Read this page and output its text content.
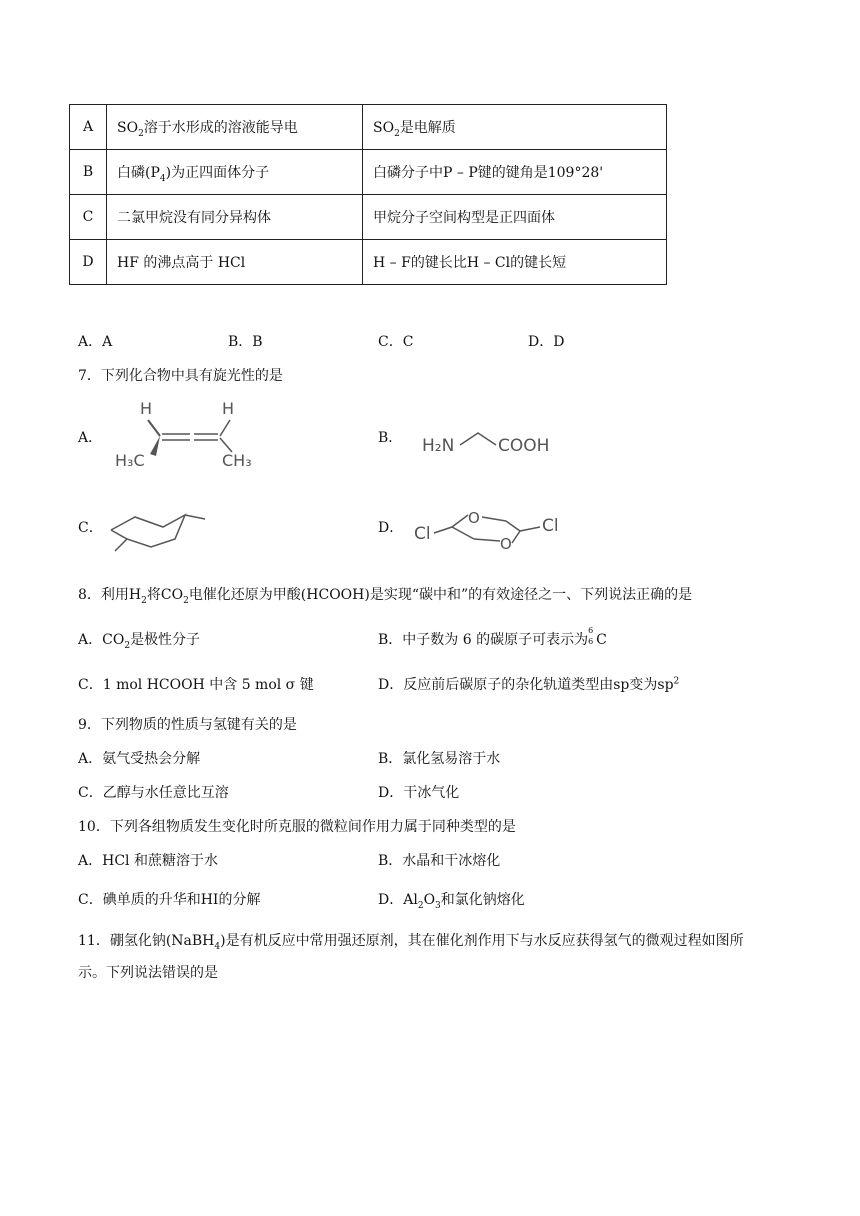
A	$SO_2$溶于水形成的溶液能导电	$SO_2$是电解质
B	白磷$(P_4)$为正四面体分子	白磷分子中P – P键的键角是109°28'
C	二氯甲烷没有同分异构体	甲烷分子空间构型是正四面体
D	HF 的沸点高于 HCl	H – F的键长比H – Cl的键长短
A．A	B．B	C．C	D．D
7．下列化合物中具有旋光性的是
A．	B．
C．	D．
H	H
H₃C	CH₃
H₂N	COOH
Cl
O
O
Cl
8．利用$H_2$将$CO_2$电催化还原为甲酸(HCOOH)是实现“碳中和”的有效途径之一、下列说法正确的是
A．$CO_2$是极性分子	B．中子数为 6 的碳原子可表示为
6
6 C
C．1 mol HCOOH 中含 5 mol σ 键	D．反应前后碳原子的杂化轨道类型由sp变为$sp^2$
9．下列物质的性质与氢键有关的是
A．氨气受热会分解	B．氯化氢易溶于水
C．乙醇与水任意比互溶	D．干冰气化
10．下列各组物质发生变化时所克服的微粒间作用力属于同种类型的是
A．HCl 和蔗糖溶于水	B．水晶和干冰熔化
C．碘单质的升华和HI的分解	D．$Al_2O_3$和氯化钠熔化
11．硼氢化钠(NaBH$_4$)是有机反应中常用强还原剂，其在催化剂作用下与水反应获得氢气的微观过程如图所
示。下列说法错误的是
